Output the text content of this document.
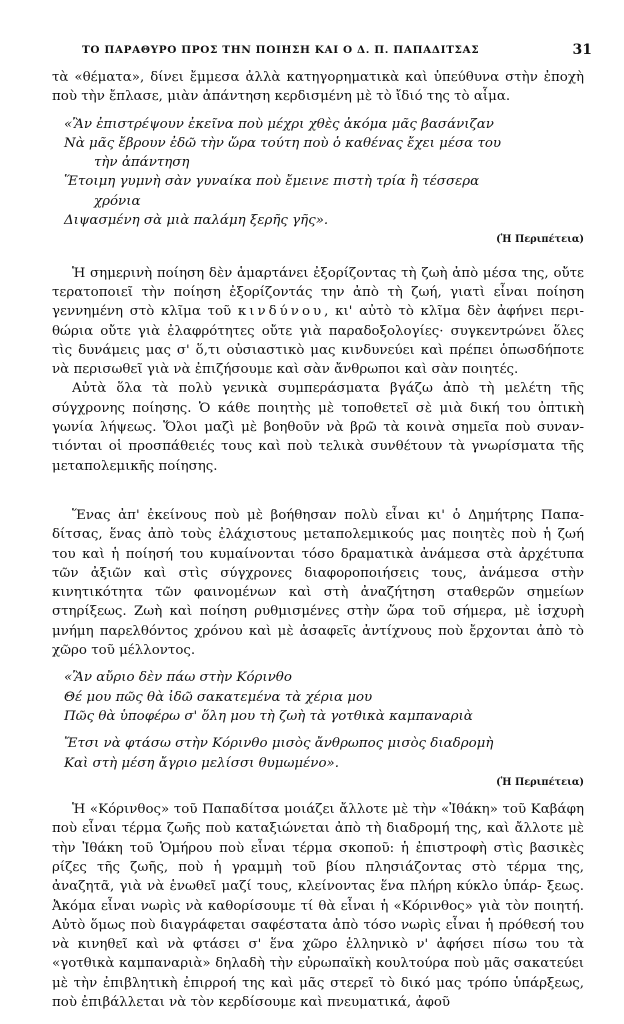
ΤΟ ΠΑΡΑΘΥΡΟ ΠΡΟΣ ΤΗΝ ΠΟΙΗΣΗ ΚΑΙ Ο Δ. Π. ΠΑΠΑΔΙΤΣΑΣ	31

τὰ «θέματα», δίνει ἔμμεσα ἀλλὰ κατηγορηματικὰ καὶ ὑπεύθυνα στὴν ἐποχὴ ποὺ τὴν ἔπλασε, μιὰν ἀπάντηση κερδισμένη μὲ τὸ ἴδιό της τὸ αἷμα.

«Ἂν ἐπιστρέψουν ἐκεῖνα ποὺ μέχρι χθὲς ἀκόμα μᾶς βασάνιζαν
Νὰ μᾶς ἔβρουν ἐδῶ τὴν ὥρα τούτη ποὺ ὁ καθένας ἔχει μέσα του
τὴν ἀπάντηση
Ἕτοιμη γυμνὴ σὰν γυναίκα ποὺ ἔμεινε πιστὴ τρία ἢ τέσσερα
χρόνια
Διψασμένη σὰ μιὰ παλάμη ξερῆς γῆς».

(Ἡ Περιπέτεια)

Ἡ σημερινὴ ποίηση δὲν ἁμαρτάνει ἐξορίζοντας τὴ ζωὴ ἀπὸ μέσα της, οὔτε τερατοποιεῖ τὴν ποίηση ἐξορίζοντάς την ἀπὸ τὴ ζωή, γιατὶ εἶναι ποίηση γεννημένη στὸ κλῖμα τοῦ κινδύνου, κι' αὐτὸ τὸ κλῖμα δὲν ἀφήνει περι- θώρια οὔτε γιὰ ἐλαφρότητες οὔτε γιὰ παραδοξολογίες· συγκεντρώνει ὅλες τὶς δυνάμεις μας σ' ὅ,τι οὐσιαστικὸ μας κινδυνεύει καὶ πρέπει ὁπωσδήποτε νὰ περισωθεῖ γιὰ νὰ ἐπιζήσουμε καὶ σὰν ἄνθρωποι καὶ σὰν ποιητές.

Αὐτὰ ὅλα τὰ πολὺ γενικὰ συμπεράσματα βγάζω ἀπὸ τὴ μελέτη τῆς σύγχρονης ποίησης. Ὁ κάθε ποιητὴς μὲ τοποθετεῖ σὲ μιὰ δική του ὀπτικὴ γωνία λήψεως. Ὅλοι μαζὶ μὲ βοηθοῦν νὰ βρῶ τὰ κοινὰ σημεῖα ποὺ συναν- τιόνται οἱ προσπάθειές τους καὶ ποὺ τελικὰ συνθέτουν τὰ γνωρίσματα τῆς μεταπολεμικῆς ποίησης.

Ἕνας ἀπ' ἐκείνους ποὺ μὲ βοήθησαν πολὺ εἶναι κι' ὁ Δημήτρης Παπα- δίτσας, ἕνας ἀπὸ τοὺς ἐλάχιστους μεταπολεμικούς μας ποιητὲς ποὺ ἡ ζωή του καὶ ἡ ποίησή του κυμαίνονται τόσο δραματικὰ ἀνάμεσα στὰ ἀρχέτυπα τῶν ἀξιῶν καὶ στὶς σύγχρονες διαφοροποιήσεις τους, ἀνάμεσα στὴν κινητικότητα τῶν φαινομένων καὶ στὴ ἀναζήτηση σταθερῶν σημείων στηρίξεως. Ζωὴ καὶ ποίηση ρυθμισμένες στὴν ὥρα τοῦ σήμερα, μὲ ἰσχυρὴ μνήμη παρελθόντος χρόνου καὶ μὲ ἀσαφεῖς ἀντίχνους ποὺ ἔρχονται ἀπὸ τὸ χῶρο τοῦ μέλλοντος.

«Ἂν αὔριο δὲν πάω στὴν Κόρινθο
Θέ μου πῶς θὰ ἰδῶ σακατεμένα τὰ χέρια μου
Πῶς θὰ ὑποφέρω σ' ὅλη μου τὴ ζωὴ τὰ γοτθικὰ καμπαναριὰ
Ἔτσι νὰ φτάσω στὴν Κόρινθο μισὸς ἄνθρωπος μισὸς διαδρομὴ
Καὶ στὴ μέση ἄγριο μελίσσι θυμωμένο».

(Ἡ Περιπέτεια)

Ἡ «Κόρινθος» τοῦ Παπαδίτσα μοιάζει ἄλλοτε μὲ τὴν «Ἰθάκη» τοῦ Καβάφη ποὺ εἶναι τέρμα ζωῆς ποὺ καταξιώνεται ἀπὸ τὴ διαδρομή της, καὶ ἄλλοτε μὲ τὴν Ἰθάκη τοῦ Ὁμήρου ποὺ εἶναι τέρμα σκοποῦ: ἡ ἐπιστροφὴ στὶς βασικὲς ρίζες τῆς ζωῆς, ποὺ ἡ γραμμὴ τοῦ βίου πλησιάζοντας στὸ τέρμα της, ἀναζητᾶ, γιὰ νὰ ἑνωθεῖ μαζί τους, κλείνοντας ἕνα πλήρη κύκλο ὑπάρ- ξεως. Ἀκόμα εἶναι νωρὶς νὰ καθορίσουμε τί θὰ εἶναι ἡ «Κόρινθος» γιὰ τὸν ποιητή. Αὐτὸ ὅμως ποὺ διαγράφεται σαφέστατα ἀπὸ τόσο νωρὶς εἶναι ἡ πρόθεσή του νὰ κινηθεῖ καὶ νὰ φτάσει σ' ἕνα χῶρο ἑλληνικὸ ν' ἀφήσει πίσω του τὰ «γοτθικὰ καμπαναριὰ» δηλαδὴ τὴν εὐρωπαϊκὴ κουλτούρα ποὺ μᾶς σακατεύει μὲ τὴν ἐπιβλητικὴ ἐπιρροή της καὶ μᾶς στερεῖ τὸ δικό μας τρόπο ὑπάρξεως, ποὺ ἐπιβάλλεται νὰ τὸν κερδίσουμε καὶ πνευματικά, ἀφοῦ
